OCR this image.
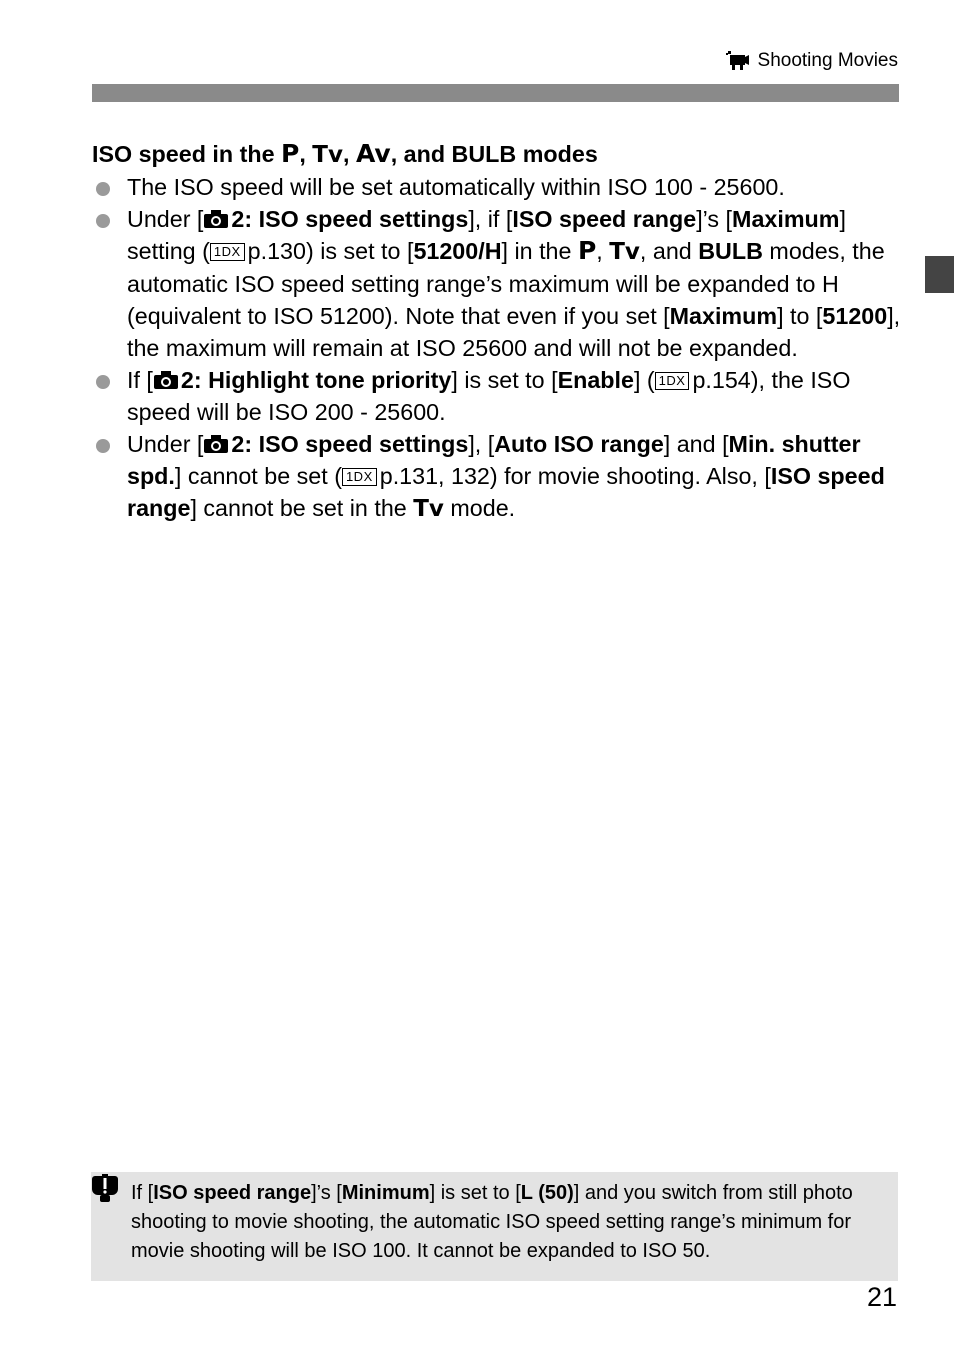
Shooting Movies
ISO speed in the P, Tv, Av, and BULB modes
The ISO speed will be set automatically within ISO 100 - 25600.
Under [ 2: ISO speed settings], if [ISO speed range]’s [Maximum] setting ( 1DX p.130) is set to [51200/H] in the P, Tv, and BULB modes, the automatic ISO speed setting range’s maximum will be expanded to H (equivalent to ISO 51200). Note that even if you set [Maximum] to [51200], the maximum will remain at ISO 25600 and will not be expanded.
If [ 2: Highlight tone priority] is set to [Enable] ( 1DX p.154), the ISO speed will be ISO 200 - 25600.
Under [ 2: ISO speed settings], [Auto ISO range] and [Min. shutter spd.] cannot be set ( 1DX p.131, 132) for movie shooting. Also, [ISO speed range] cannot be set in the Tv mode.
If [ISO speed range]’s [Minimum] is set to [L (50)] and you switch from still photo shooting to movie shooting, the automatic ISO speed setting range’s minimum for movie shooting will be ISO 100. It cannot be expanded to ISO 50.
21
